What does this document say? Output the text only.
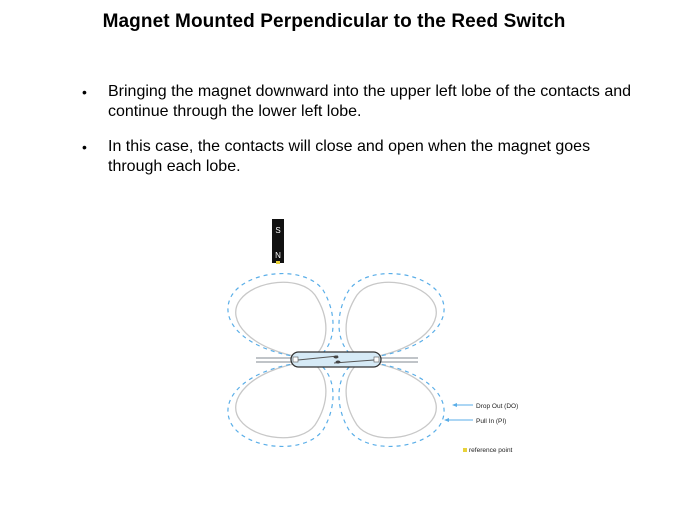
Magnet Mounted Perpendicular to the Reed Switch
• Bringing the magnet downward into the upper left lobe of the contacts and continue through the lower left lobe.
• In this case, the contacts will close and open when the magnet goes through each lobe.
S
N
Drop Out (DO)
Pull In (PI)
reference point
